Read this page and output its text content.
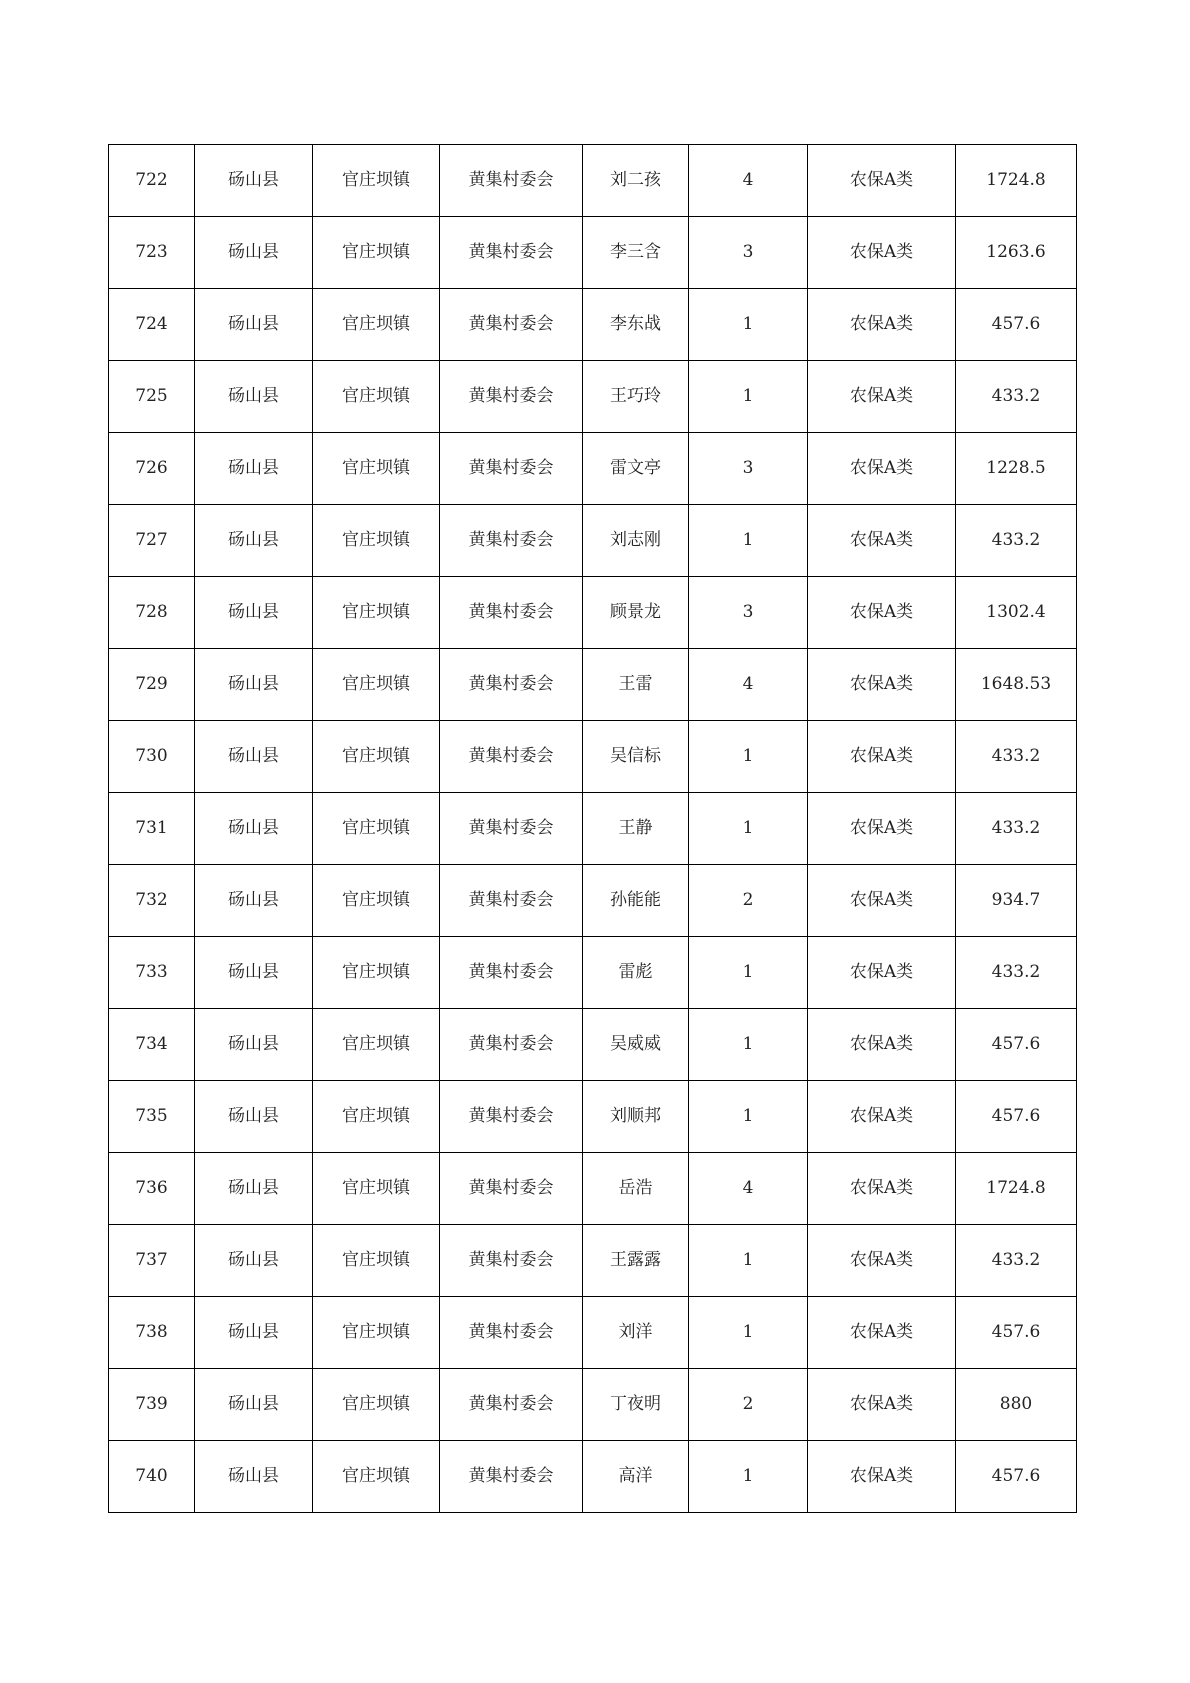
722	砀山县	官庄坝镇	黄集村委会	刘二孩	4	农保A类	1724.8
723	砀山县	官庄坝镇	黄集村委会	李三含	3	农保A类	1263.6
724	砀山县	官庄坝镇	黄集村委会	李东战	1	农保A类	457.6
725	砀山县	官庄坝镇	黄集村委会	王巧玲	1	农保A类	433.2
726	砀山县	官庄坝镇	黄集村委会	雷文亭	3	农保A类	1228.5
727	砀山县	官庄坝镇	黄集村委会	刘志刚	1	农保A类	433.2
728	砀山县	官庄坝镇	黄集村委会	顾景龙	3	农保A类	1302.4
729	砀山县	官庄坝镇	黄集村委会	王雷	4	农保A类	1648.53
730	砀山县	官庄坝镇	黄集村委会	吴信标	1	农保A类	433.2
731	砀山县	官庄坝镇	黄集村委会	王静	1	农保A类	433.2
732	砀山县	官庄坝镇	黄集村委会	孙能能	2	农保A类	934.7
733	砀山县	官庄坝镇	黄集村委会	雷彪	1	农保A类	433.2
734	砀山县	官庄坝镇	黄集村委会	吴威威	1	农保A类	457.6
735	砀山县	官庄坝镇	黄集村委会	刘顺邦	1	农保A类	457.6
736	砀山县	官庄坝镇	黄集村委会	岳浩	4	农保A类	1724.8
737	砀山县	官庄坝镇	黄集村委会	王露露	1	农保A类	433.2
738	砀山县	官庄坝镇	黄集村委会	刘洋	1	农保A类	457.6
739	砀山县	官庄坝镇	黄集村委会	丁夜明	2	农保A类	880
740	砀山县	官庄坝镇	黄集村委会	高洋	1	农保A类	457.6
